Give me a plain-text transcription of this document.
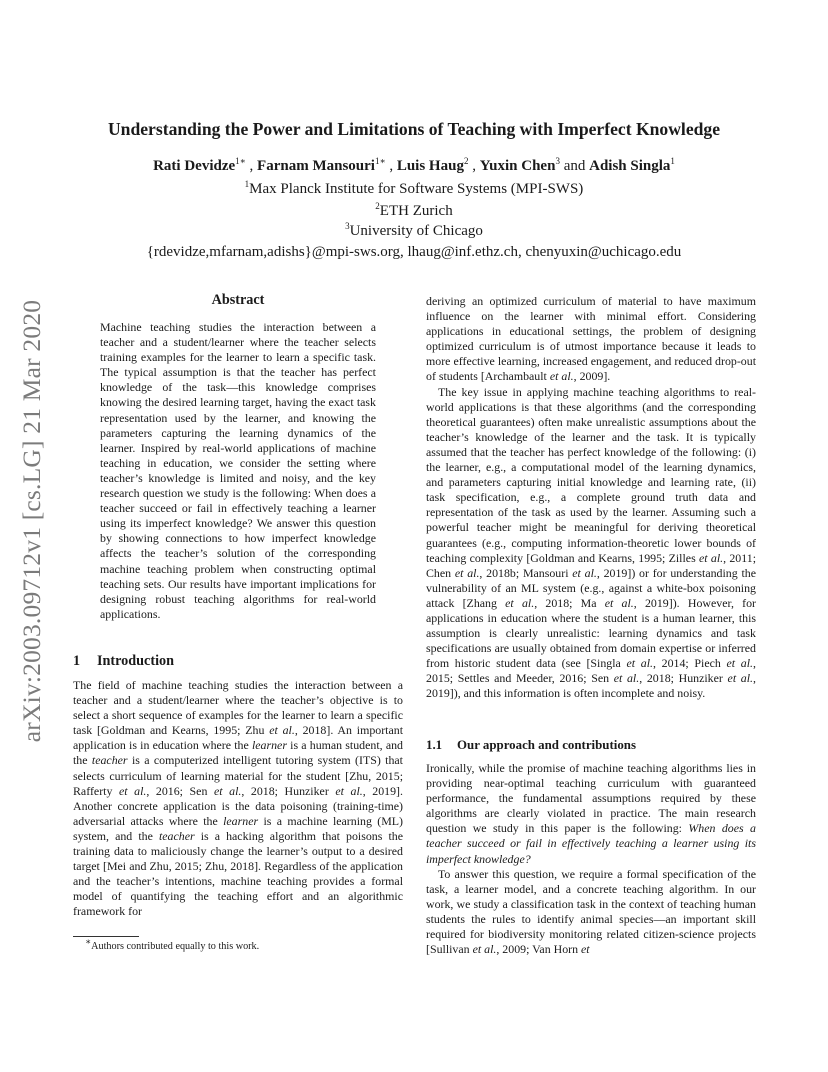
arXiv:2003.09712v1 [cs.LG] 21 Mar 2020
Understanding the Power and Limitations of Teaching with Imperfect Knowledge
Rati Devidze$^{1∗}$ , Farnam Mansouri$^{1∗}$ , Luis Haug$^2$ , Yuxin Chen$^3$ and Adish Singla$^1$
$^1$Max Planck Institute for Software Systems (MPI-SWS)
$^2$ETH Zurich
$^3$University of Chicago
{rdevidze,mfarnam,adishs}@mpi-sws.org, lhaug@inf.ethz.ch, chenyuxin@uchicago.edu
Abstract

Machine teaching studies the interaction between a teacher and a student/learner where the teacher selects training examples for the learner to learn a specific task. The typical assumption is that the teacher has perfect knowledge of the task—this knowledge comprises knowing the desired learning target, having the exact task representation used by the learner, and knowing the parameters capturing the learning dynamics of the learner. Inspired by real-world applications of machine teaching in education, we consider the setting where teacher’s knowledge is limited and noisy, and the key research question we study is the following: When does a teacher succeed or fail in effectively teaching a learner using its imperfect knowledge? We answer this question by showing connections to how imperfect knowledge affects the teacher’s solution of the corresponding machine teaching problem when constructing optimal teaching sets. Our results have important implications for designing robust teaching algorithms for real-world applications.

1 Introduction

The field of machine teaching studies the interaction between a teacher and a student/learner where the teacher’s objective is to select a short sequence of examples for the learner to learn a specific task [Goldman and Kearns, 1995; Zhu et al., 2018]. An important application is in education where the learner is a human student, and the teacher is a computerized intelligent tutoring system (ITS) that selects curriculum of learning material for the student [Zhu, 2015; Rafferty et al., 2016; Sen et al., 2018; Hunziker et al., 2019]. Another concrete application is the data poisoning (training-time) adversarial attacks where the learner is a machine learning (ML) system, and the teacher is a hacking algorithm that poisons the training data to maliciously change the learner’s output to a desired target [Mei and Zhu, 2015; Zhu, 2018]. Regardless of the application and the teacher’s intentions, machine teaching provides a formal model of quantifying the teaching effort and an algorithmic framework for

deriving an optimized curriculum of material to have maximum influence on the learner with minimal effort. Considering applications in educational settings, the problem of designing optimized curriculum is of utmost importance because it leads to more effective learning, increased engagement, and reduced drop-out of students [Archambault et al., 2009].

The key issue in applying machine teaching algorithms to real-world applications is that these algorithms (and the corresponding theoretical guarantees) often make unrealistic assumptions about the teacher’s knowledge of the learner and the task. It is typically assumed that the teacher has perfect knowledge of the following: (i) the learner, e.g., a computational model of the learning dynamics, and parameters capturing initial knowledge and learning rate, (ii) task specification, e.g., a complete ground truth data and representation of the task as used by the learner. Assuming such a powerful teacher might be meaningful for deriving theoretical guarantees (e.g., computing information-theoretic lower bounds of teaching complexity [Goldman and Kearns, 1995; Zilles et al., 2011; Chen et al., 2018b; Mansouri et al., 2019]) or for understanding the vulnerability of an ML system (e.g., against a white-box poisoning attack [Zhang et al., 2018; Ma et al., 2019]). However, for applications in education where the student is a human learner, this assumption is clearly unrealistic: learning dynamics and task specifications are usually obtained from domain expertise or inferred from historic student data (see [Singla et al., 2014; Piech et al., 2015; Settles and Meeder, 2016; Sen et al., 2018; Hunziker et al., 2019]), and this information is often incomplete and noisy.

1.1 Our approach and contributions

Ironically, while the promise of machine teaching algorithms lies in providing near-optimal teaching curriculum with guaranteed performance, the fundamental assumptions required by these algorithms are clearly violated in practice. The main research question we study in this paper is the following: When does a teacher succeed or fail in effectively teaching a learner using its imperfect knowledge?

To answer this question, we require a formal specification of the task, a learner model, and a concrete teaching algorithm. In our work, we study a classification task in the context of teaching human students the rules to identify animal species—an important skill required for biodiversity monitoring related citizen-science projects [Sullivan et al., 2009; Van Horn et

∗Authors contributed equally to this work.
